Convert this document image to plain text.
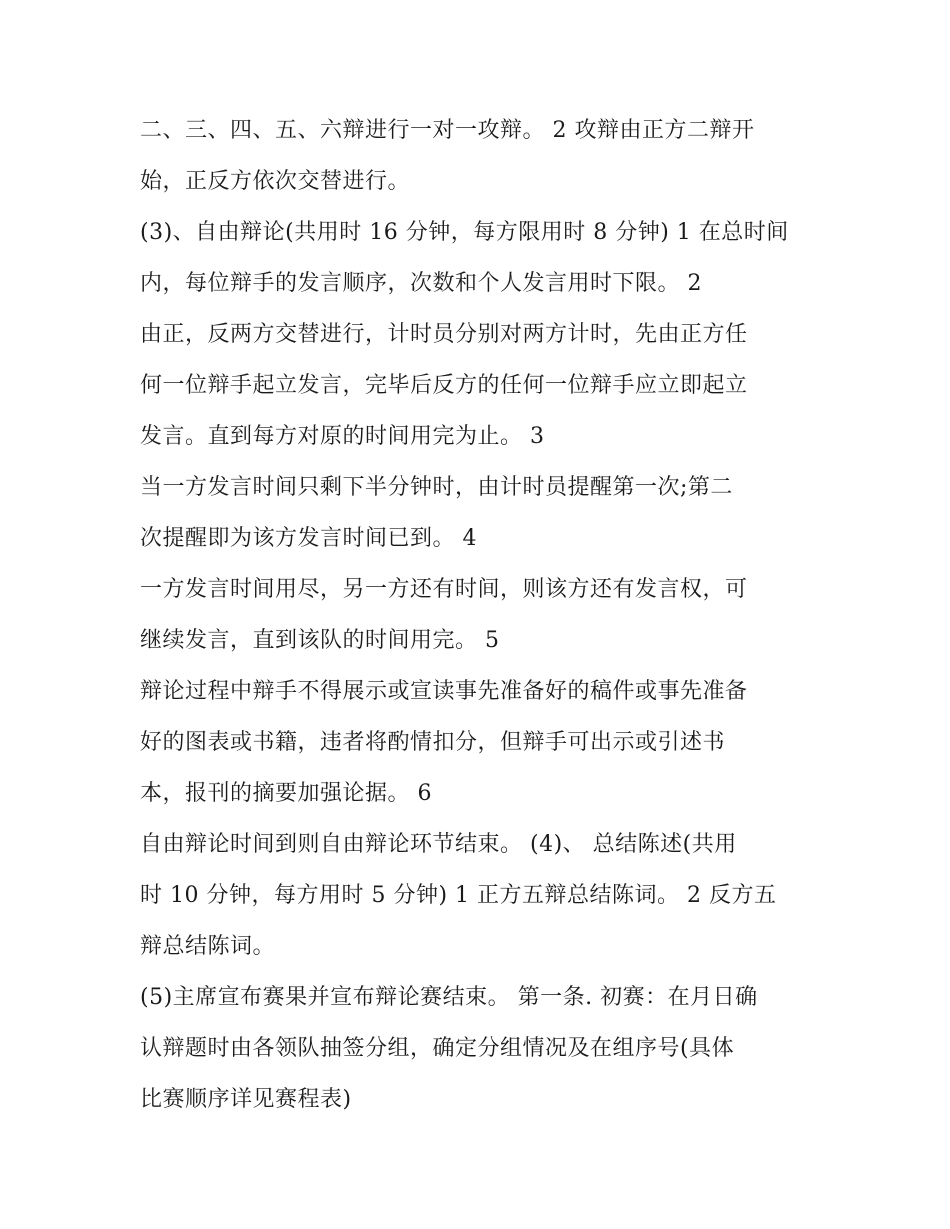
二、三、四、五、六辩进行一对一攻辩。 2 攻辩由正方二辩开
始，正反方依次交替进行。
(3)、自由辩论(共用时 16 分钟，每方限用时 8 分钟) 1 在总时间
内，每位辩手的发言顺序，次数和个人发言用时下限。 2
由正，反两方交替进行，计时员分别对两方计时，先由正方任
何一位辩手起立发言，完毕后反方的任何一位辩手应立即起立
发言。直到每方对原的时间用完为止。 3
当一方发言时间只剩下半分钟时，由计时员提醒第一次;第二
次提醒即为该方发言时间已到。 4
一方发言时间用尽，另一方还有时间，则该方还有发言权，可
继续发言，直到该队的时间用完。 5
辩论过程中辩手不得展示或宣读事先准备好的稿件或事先准备
好的图表或书籍，违者将酌情扣分，但辩手可出示或引述书
本，报刊的摘要加强论据。 6
自由辩论时间到则自由辩论环节结束。 (4)、 总结陈述(共用
时 10 分钟，每方用时 5 分钟) 1 正方五辩总结陈词。 2 反方五
辩总结陈词。
(5)主席宣布赛果并宣布辩论赛结束。 第一条. 初赛：在月日确
认辩题时由各领队抽签分组，确定分组情况及在组序号(具体
比赛顺序详见赛程表)
